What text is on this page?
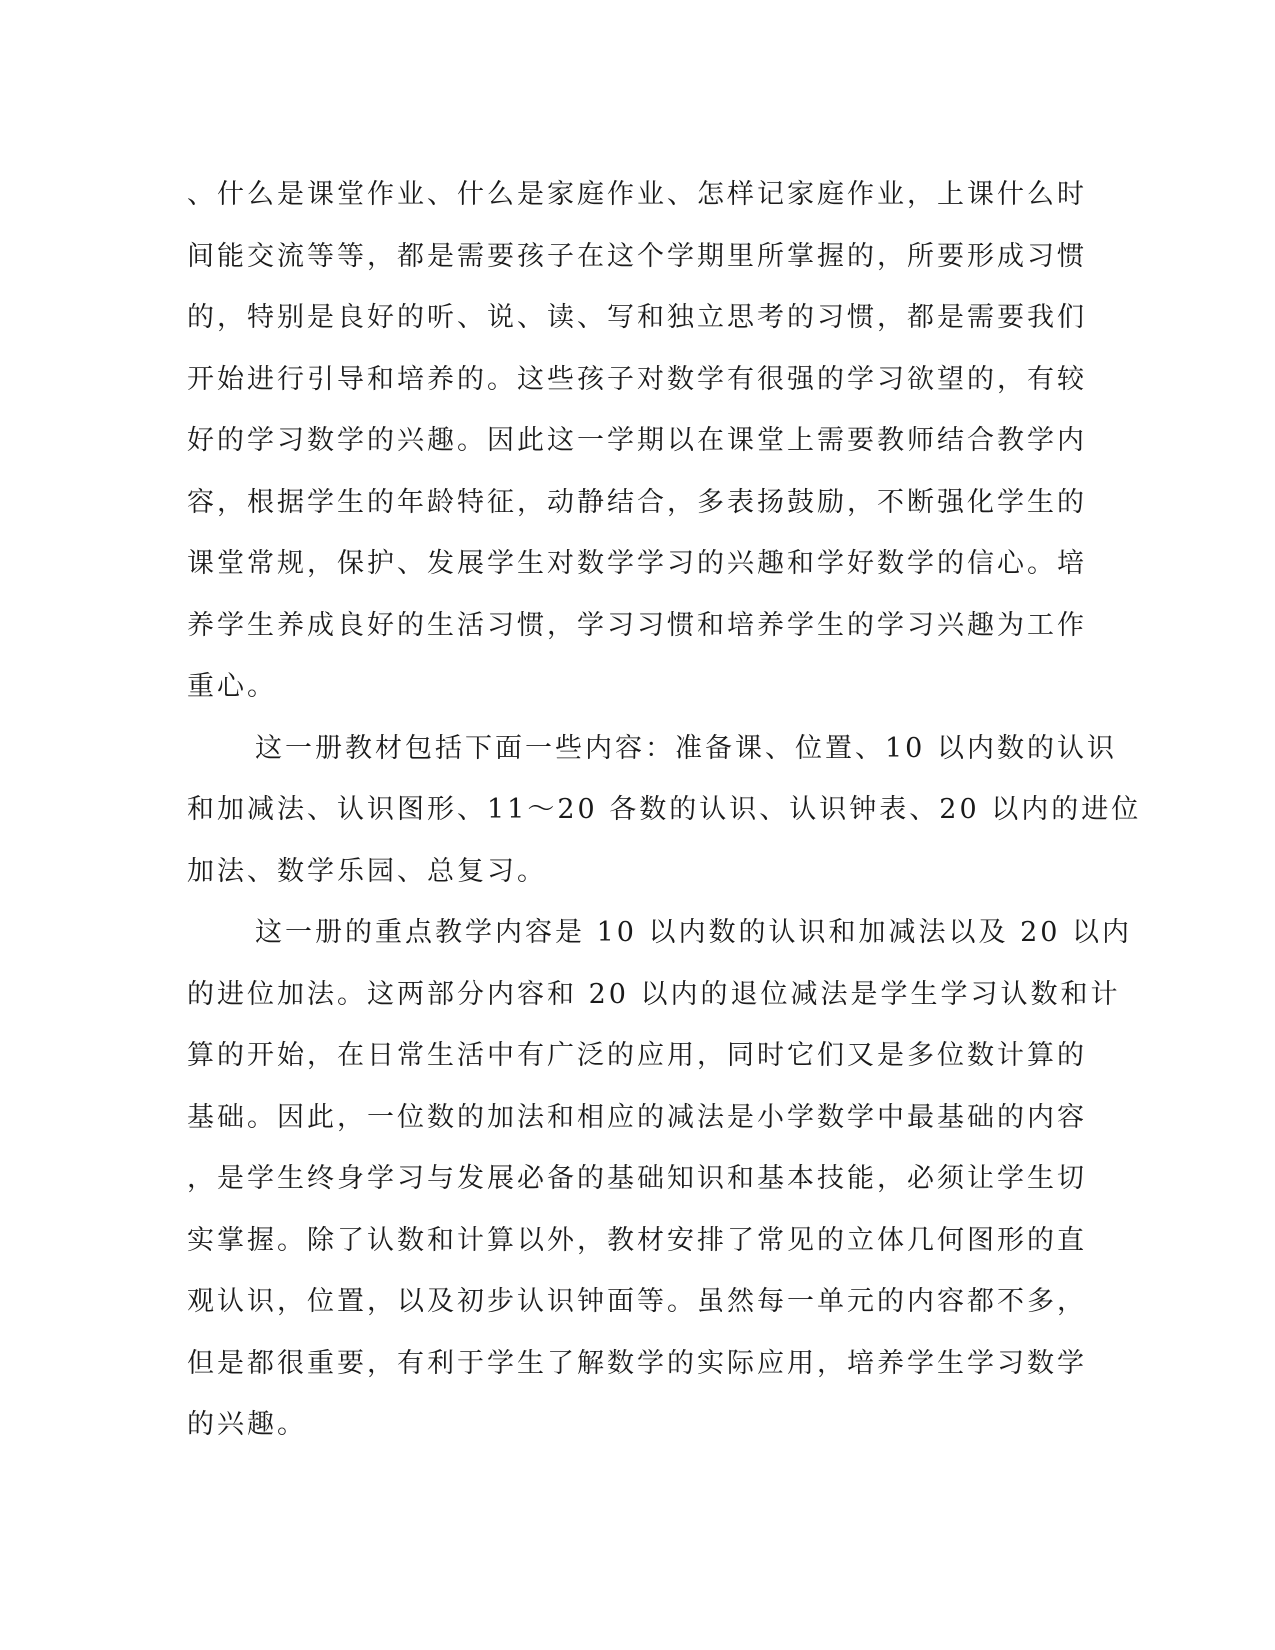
、什么是课堂作业、什么是家庭作业、怎样记家庭作业，上课什么时
间能交流等等，都是需要孩子在这个学期里所掌握的，所要形成习惯
的，特别是良好的听、说、读、写和独立思考的习惯，都是需要我们
开始进行引导和培养的。这些孩子对数学有很强的学习欲望的，有较
好的学习数学的兴趣。因此这一学期以在课堂上需要教师结合教学内
容，根据学生的年龄特征，动静结合，多表扬鼓励，不断强化学生的
课堂常规，保护、发展学生对数学学习的兴趣和学好数学的信心。培
养学生养成良好的生活习惯，学习习惯和培养学生的学习兴趣为工作
重心。
这一册教材包括下面一些内容：准备课、位置、10 以内数的认识
和加减法、认识图形、11～20 各数的认识、认识钟表、20 以内的进位
加法、数学乐园、总复习。
这一册的重点教学内容是 10 以内数的认识和加减法以及 20 以内
的进位加法。这两部分内容和 20 以内的退位减法是学生学习认数和计
算的开始，在日常生活中有广泛的应用，同时它们又是多位数计算的
基础。因此，一位数的加法和相应的减法是小学数学中最基础的内容
，是学生终身学习与发展必备的基础知识和基本技能，必须让学生切
实掌握。除了认数和计算以外，教材安排了常见的立体几何图形的直
观认识，位置，以及初步认识钟面等。虽然每一单元的内容都不多，
但是都很重要，有利于学生了解数学的实际应用，培养学生学习数学
的兴趣。
